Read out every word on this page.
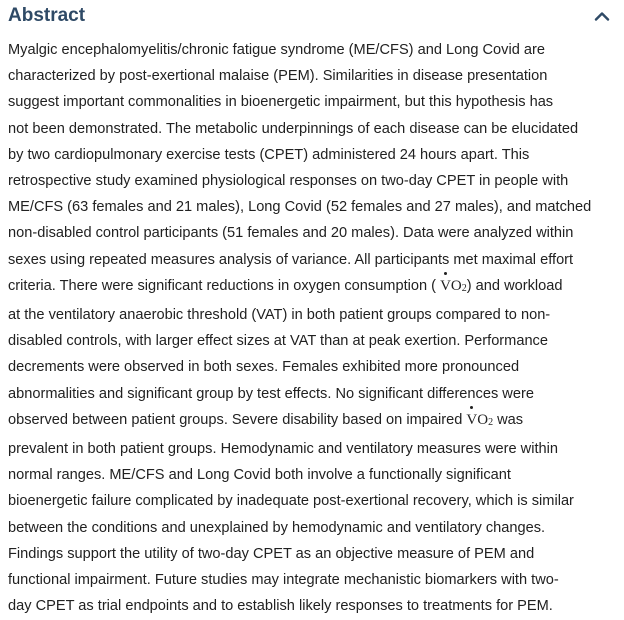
Abstract
Myalgic encephalomyelitis/chronic fatigue syndrome (ME/CFS) and Long Covid are
characterized by post-exertional malaise (PEM). Similarities in disease presentation
suggest important commonalities in bioenergetic impairment, but this hypothesis has
not been demonstrated. The metabolic underpinnings of each disease can be elucidated
by two cardiopulmonary exercise tests (CPET) administered 24 hours apart. This
retrospective study examined physiological responses on two-day CPET in people with
ME/CFS (63 females and 21 males), Long Covid (52 females and 27 males), and matched
non-disabled control participants (51 females and 20 males). Data were analyzed within
sexes using repeated measures analysis of variance. All participants met maximal effort
criteria. There were significant reductions in oxygen consumption ( $VO_2$) and workload
at the ventilatory anaerobic threshold (VAT) in both patient groups compared to non-
disabled controls, with larger effect sizes at VAT than at peak exertion. Performance
decrements were observed in both sexes. Females exhibited more pronounced
abnormalities and significant group by test effects. No significant differences were
observed between patient groups. Severe disability based on impaired $VO_2$ was
prevalent in both patient groups. Hemodynamic and ventilatory measures were within
normal ranges. ME/CFS and Long Covid both involve a functionally significant
bioenergetic failure complicated by inadequate post-exertional recovery, which is similar
between the conditions and unexplained by hemodynamic and ventilatory changes.
Findings support the utility of two-day CPET as an objective measure of PEM and
functional impairment. Future studies may integrate mechanistic biomarkers with two-
day CPET as trial endpoints and to establish likely responses to treatments for PEM.
